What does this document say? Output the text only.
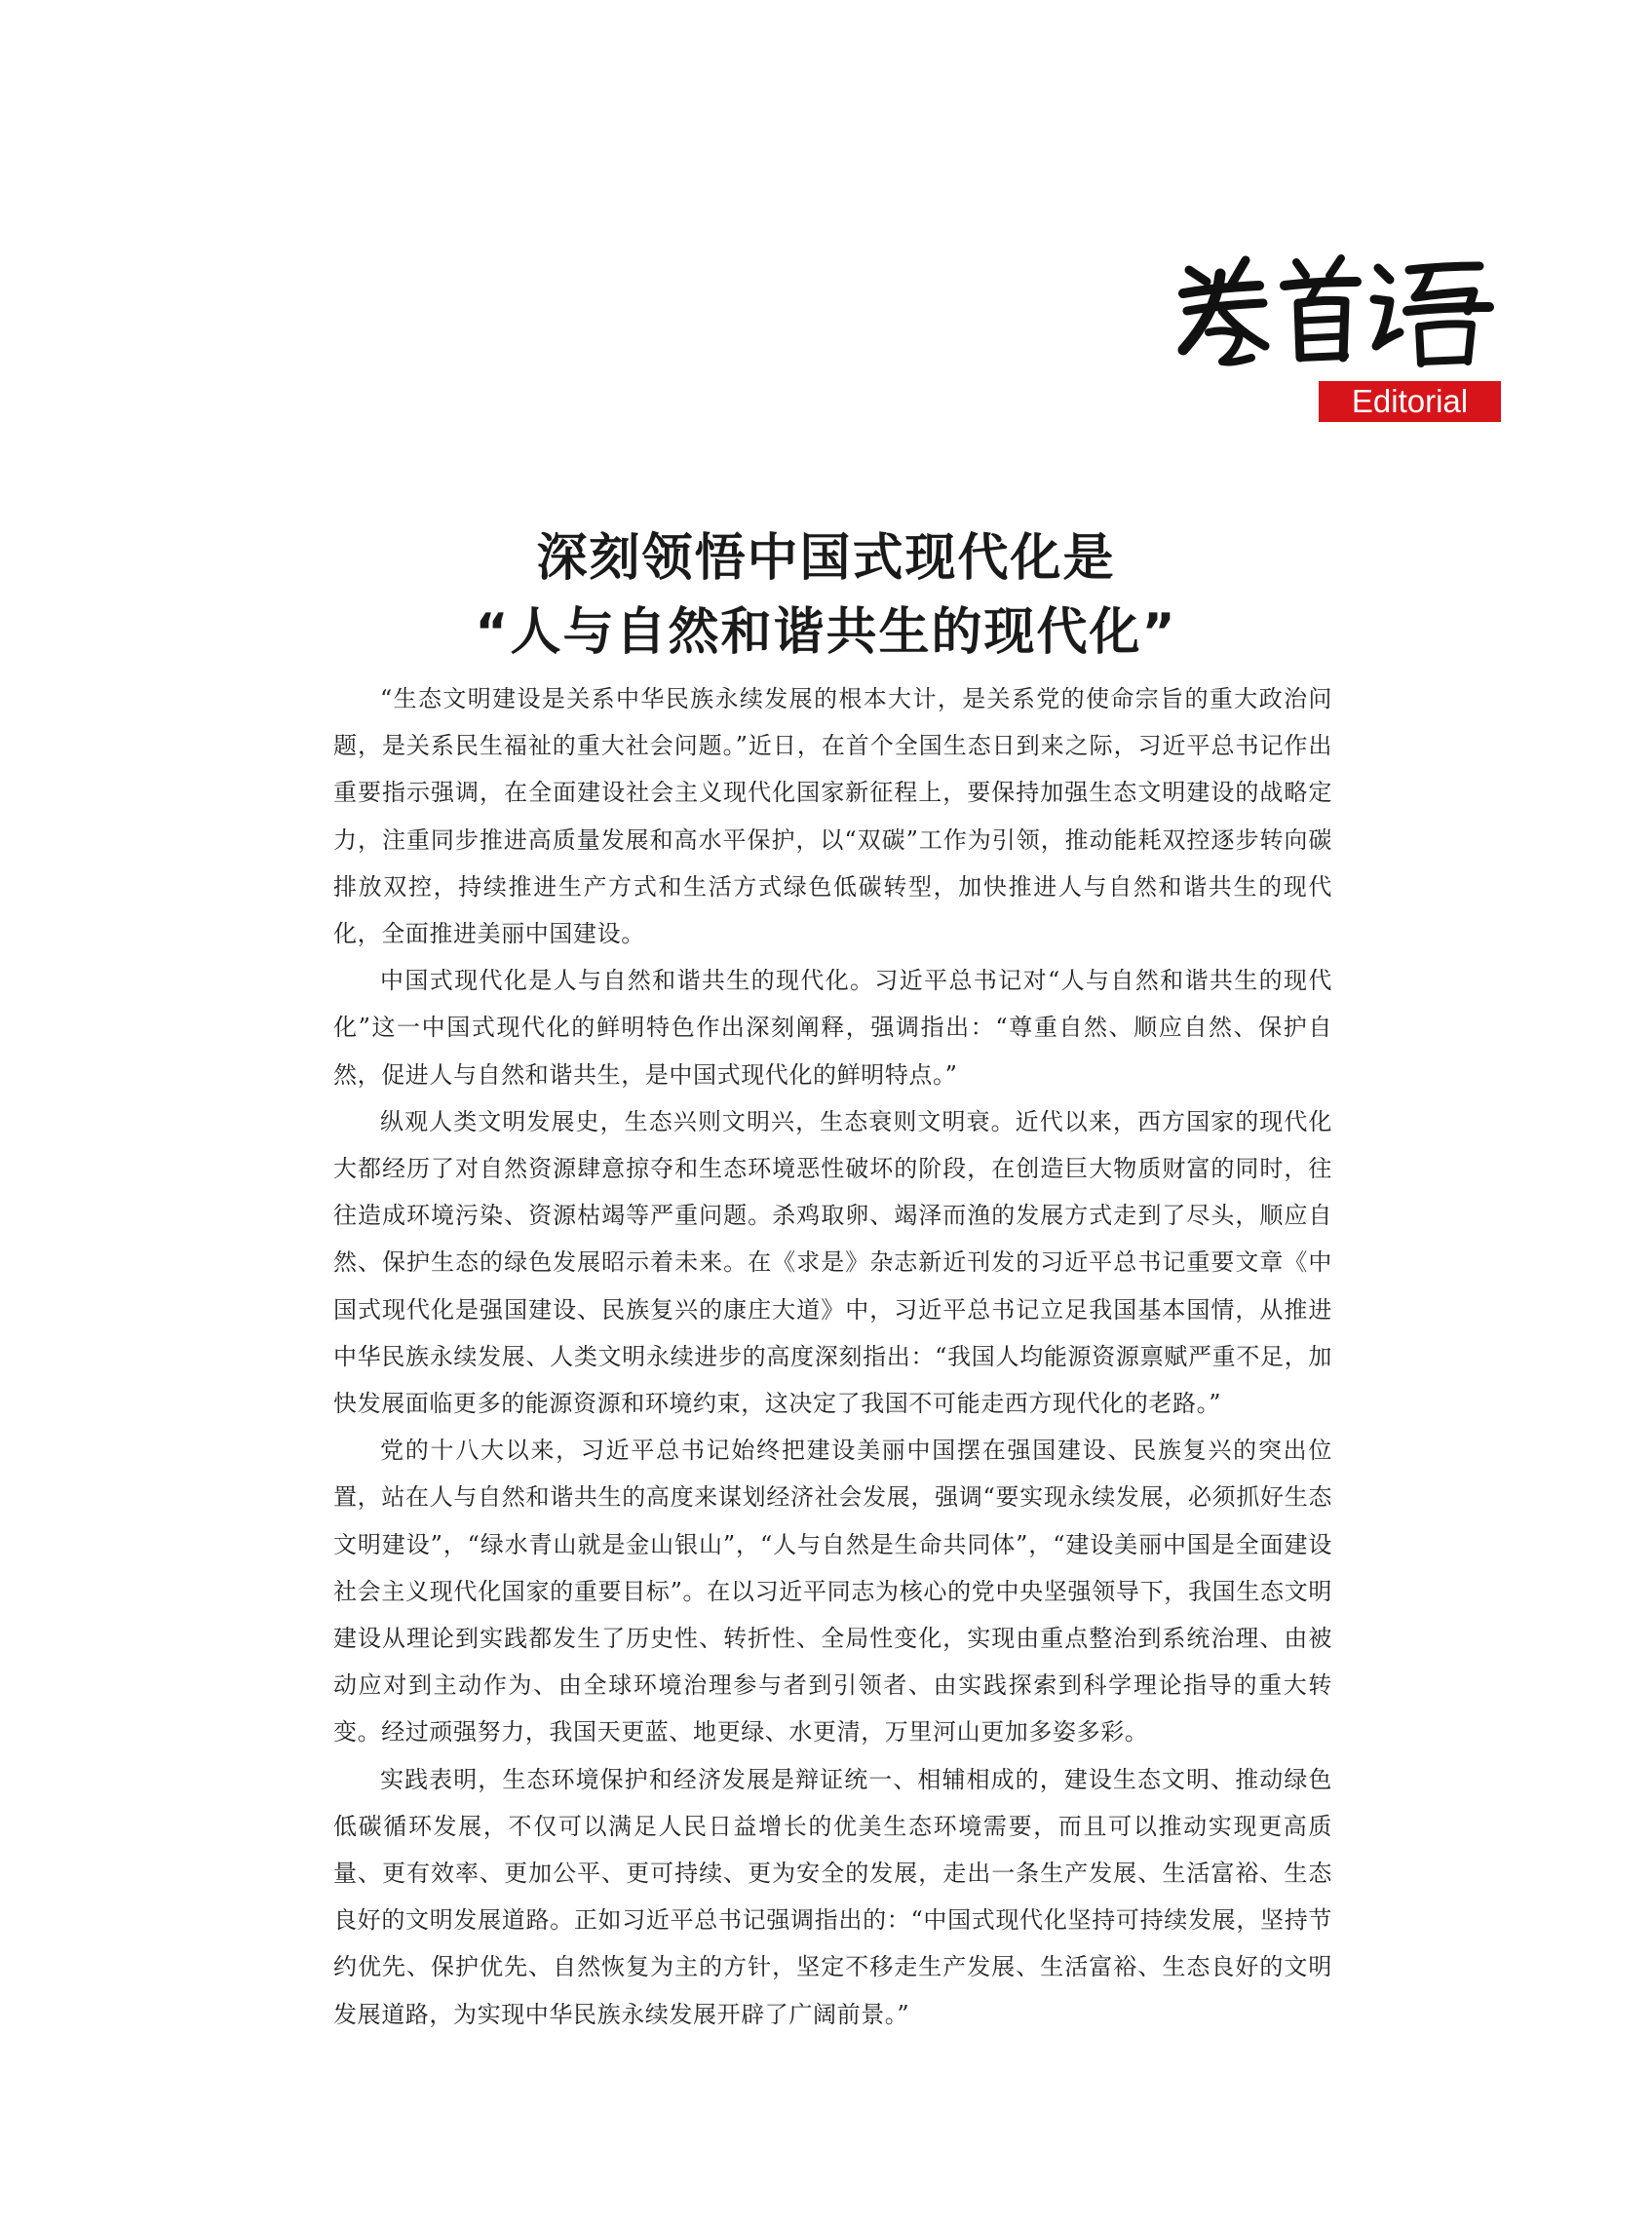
Editorial
深刻领悟中国式现代化是
“人与自然和谐共生的现代化”

“生态文明建设是关系中华民族永续发展的根本大计，是关系党的使命宗旨的重大政治问题，是关系民生福祉的重大社会问题。”近日，在首个全国生态日到来之际，习近平总书记作出重要指示强调，在全面建设社会主义现代化国家新征程上，要保持加强生态文明建设的战略定力，注重同步推进高质量发展和高水平保护，以“双碳”工作为引领，推动能耗双控逐步转向碳排放双控，持续推进生产方式和生活方式绿色低碳转型，加快推进人与自然和谐共生的现代化，全面推进美丽中国建设。

中国式现代化是人与自然和谐共生的现代化。习近平总书记对“人与自然和谐共生的现代化”这一中国式现代化的鲜明特色作出深刻阐释，强调指出：“尊重自然、顺应自然、保护自然，促进人与自然和谐共生，是中国式现代化的鲜明特点。”

纵观人类文明发展史，生态兴则文明兴，生态衰则文明衰。近代以来，西方国家的现代化大都经历了对自然资源肆意掠夺和生态环境恶性破坏的阶段，在创造巨大物质财富的同时，往往造成环境污染、资源枯竭等严重问题。杀鸡取卵、竭泽而渔的发展方式走到了尽头，顺应自然、保护生态的绿色发展昭示着未来。在《求是》杂志新近刊发的习近平总书记重要文章《中国式现代化是强国建设、民族复兴的康庄大道》中，习近平总书记立足我国基本国情，从推进中华民族永续发展、人类文明永续进步的高度深刻指出：“我国人均能源资源禀赋严重不足，加快发展面临更多的能源资源和环境约束，这决定了我国不可能走西方现代化的老路。”

党的十八大以来，习近平总书记始终把建设美丽中国摆在强国建设、民族复兴的突出位置，站在人与自然和谐共生的高度来谋划经济社会发展，强调“要实现永续发展，必须抓好生态文明建设”，“绿水青山就是金山银山”，“人与自然是生命共同体”，“建设美丽中国是全面建设社会主义现代化国家的重要目标”。在以习近平同志为核心的党中央坚强领导下，我国生态文明建设从理论到实践都发生了历史性、转折性、全局性变化，实现由重点整治到系统治理、由被动应对到主动作为、由全球环境治理参与者到引领者、由实践探索到科学理论指导的重大转变。经过顽强努力，我国天更蓝、地更绿、水更清，万里河山更加多姿多彩。

实践表明，生态环境保护和经济发展是辩证统一、相辅相成的，建设生态文明、推动绿色低碳循环发展，不仅可以满足人民日益增长的优美生态环境需要，而且可以推动实现更高质量、更有效率、更加公平、更可持续、更为安全的发展，走出一条生产发展、生活富裕、生态良好的文明发展道路。正如习近平总书记强调指出的：“中国式现代化坚持可持续发展，坚持节约优先、保护优先、自然恢复为主的方针，坚定不移走生产发展、生活富裕、生态良好的文明发展道路，为实现中华民族永续发展开辟了广阔前景。”
